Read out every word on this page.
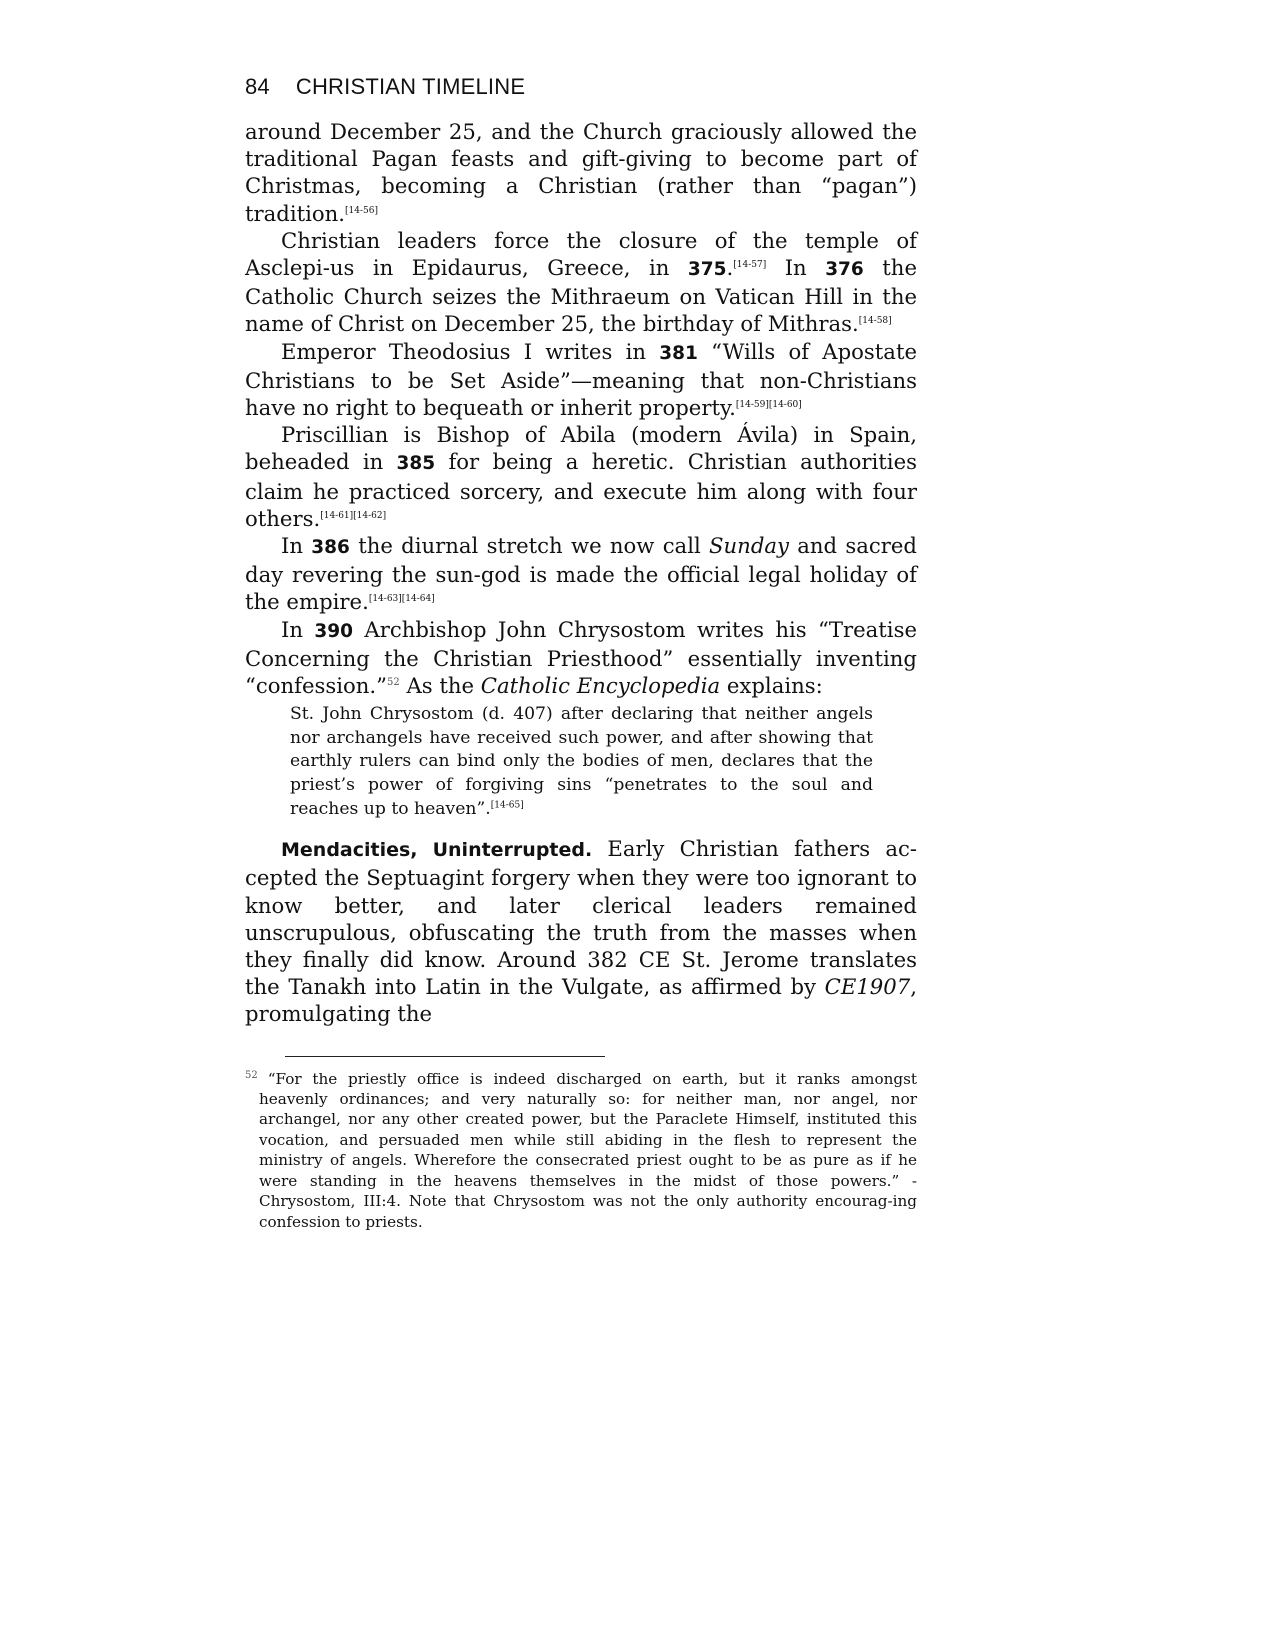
84 CHRISTIAN TIMELINE

around December 25, and the Church graciously allowed the traditional Pagan feasts and gift-giving to become part of Christmas, becoming a Christian (rather than “pagan”) tradition.[14-56]

Christian leaders force the closure of the temple of Asclepi-us in Epidaurus, Greece, in 375.[14-57] In 376 the Catholic Church seizes the Mithraeum on Vatican Hill in the name of Christ on December 25, the birthday of Mithras.[14-58]

Emperor Theodosius I writes in 381 “Wills of Apostate Christians to be Set Aside”—meaning that non-Christians have no right to bequeath or inherit property.[14-59][14-60]

Priscillian is Bishop of Abila (modern Ávila) in Spain, beheaded in 385 for being a heretic. Christian authorities claim he practiced sorcery, and execute him along with four others.[14-61][14-62]

In 386 the diurnal stretch we now call Sunday and sacred day revering the sun-god is made the official legal holiday of the empire.[14-63][14-64]

In 390 Archbishop John Chrysostom writes his “Treatise Concerning the Christian Priesthood” essentially inventing “confession.”$^{52}$ As the Catholic Encyclopedia explains:

St. John Chrysostom (d. 407) after declaring that neither angels nor archangels have received such power, and after showing that earthly rulers can bind only the bodies of men, declares that the priest’s power of forgiving sins “penetrates to the soul and reaches up to heaven”.[14-65]

Mendacities, Uninterrupted. Early Christian fathers ac-cepted the Septuagint forgery when they were too ignorant to know better, and later clerical leaders remained unscrupulous, obfuscating the truth from the masses when they finally did know. Around 382 CE St. Jerome translates the Tanakh into Latin in the Vulgate, as affirmed by CE1907, promulgating the

$^{52}$ “For the priestly office is indeed discharged on earth, but it ranks amongst heavenly ordinances; and very naturally so: for neither man, nor angel, nor archangel, nor any other created power, but the Paraclete Himself, instituted this vocation, and persuaded men while still abiding in the flesh to represent the ministry of angels. Wherefore the consecrated priest ought to be as pure as if he were standing in the heavens themselves in the midst of those powers.” - Chrysostom, III:4. Note that Chrysostom was not the only authority encourag-ing confession to priests.
